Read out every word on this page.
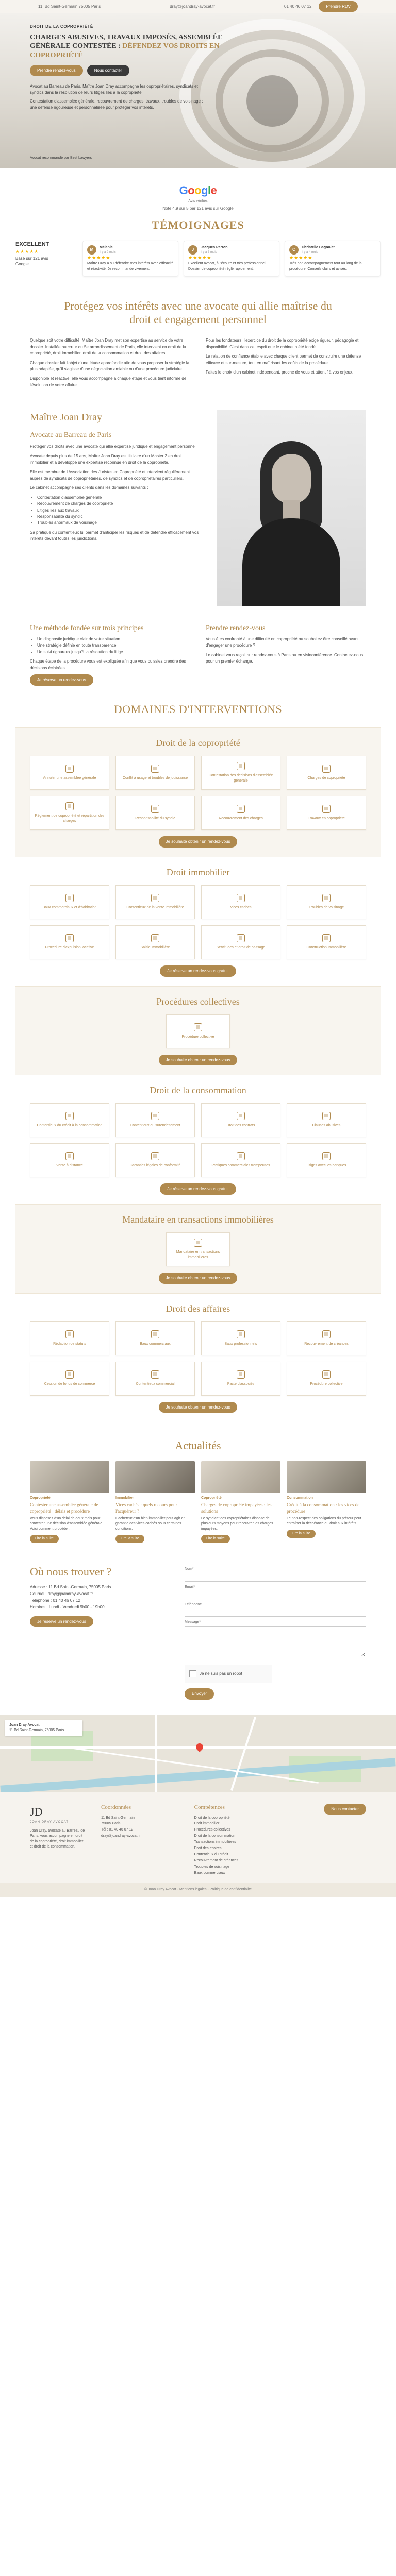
11, Bd Saint-Germain 75005 Paris	dray@joandray-avocat.fr	01 40 46 07 12	Prendre RDV
DROIT DE LA COPROPRIÉTÉ
CHARGES ABUSIVES, TRAVAUX IMPOSÉS, ASSEMBLÉE GÉNÉRALE CONTESTÉE : DÉFENDEZ VOS DROITS EN COPROPRIÉTÉ
Prendre rendez-vous	Nous contacter

Avocat au Barreau de Paris, Maître Joan Dray accompagne les copropriétaires, syndicats et syndics dans la résolution de leurs litiges liés à la copropriété.

Contestation d'assemblée générale, recouvrement de charges, travaux, troubles de voisinage : une défense rigoureuse et personnalisée pour protéger vos intérêts.

Avocat recommandé par Best Lawyers
Google
Avis vérifiés
Noté 4,9 sur 5 par 121 avis sur Google
TÉMOIGNAGES
EXCELLENT
★★★★★
Basé sur 121 avis
Google
M
Mélanie
il y a 2 mois
★★★★★
Maître Dray a su défendre mes intérêts avec efficacité et réactivité. Je recommande vivement.
J
Jacques Perron
il y a 3 mois
★★★★★
Excellent avocat, à l'écoute et très professionnel. Dossier de copropriété réglé rapidement.
C
Christelle Bagnolet
il y a 4 mois
★★★★★
Très bon accompagnement tout au long de la procédure. Conseils clairs et avisés.
Protégez vos intérêts avec une avocate qui allie maîtrise du droit et engagement personnel

Quelque soit votre difficulté, Maître Joan Dray met son expertise au service de votre dossier. Installée au cœur du 5e arrondissement de Paris, elle intervient en droit de la copropriété, droit immobilier, droit de la consommation et droit des affaires.

Chaque dossier fait l'objet d'une étude approfondie afin de vous proposer la stratégie la plus adaptée, qu'il s'agisse d'une négociation amiable ou d'une procédure judiciaire.

Disponible et réactive, elle vous accompagne à chaque étape et vous tient informé de l'évolution de votre affaire.

Pour les fondateurs, l'exercice du droit de la copropriété exige rigueur, pédagogie et disponibilité. C'est dans cet esprit que le cabinet a été fondé.

La relation de confiance établie avec chaque client permet de construire une défense efficace et sur-mesure, tout en maîtrisant les coûts de la procédure.

Faites le choix d'un cabinet indépendant, proche de vous et attentif à vos enjeux.

Maître Joan Dray
Avocate au Barreau de Paris

Protéger vos droits avec une avocate qui allie expertise juridique et engagement personnel.

Avocate depuis plus de 15 ans, Maître Joan Dray est titulaire d'un Master 2 en droit immobilier et a développé une expertise reconnue en droit de la copropriété.

Elle est membre de l'Association des Juristes en Copropriété et intervient régulièrement auprès de syndicats de copropriétaires, de syndics et de copropriétaires particuliers.

Le cabinet accompagne ses clients dans les domaines suivants :

• Contestation d'assemblée générale
• Recouvrement de charges de copropriété
• Litiges liés aux travaux
• Responsabilité du syndic
• Troubles anormaux de voisinage

Sa pratique du contentieux lui permet d'anticiper les risques et de défendre efficacement vos intérêts devant toutes les juridictions.

Une méthode fondée sur trois principes
• Un diagnostic juridique clair de votre situation
• Une stratégie définie en toute transparence
• Un suivi rigoureux jusqu'à la résolution du litige

Chaque étape de la procédure vous est expliquée afin que vous puissiez prendre des décisions éclairées.

Je réserve un rendez-vous

Prendre rendez-vous

Vous êtes confronté à une difficulté en copropriété ou souhaitez être conseillé avant d'engager une procédure ?

Le cabinet vous reçoit sur rendez-vous à Paris ou en visioconférence. Contactez-nous pour un premier échange.

DOMAINES D'INTERVENTIONS
Droit de la copropriété
Annuler une assemblée générale	Conflit à usage et troubles de jouissance
Contestation des décisions d'assemblée générale
Charges de copropriété
Règlement de copropriété et répartition des charges
Responsabilité du syndic	Recouvrement des charges	Travaux en copropriété
Je souhaite obtenir un rendez-vous
Droit immobilier
Baux commerciaux et d'habitation	Contentieux de la vente immobilière	Vices cachés	Troubles de voisinage
Procédure d'expulsion locative	Saisie immobilière	Servitudes et droit de passage	Construction immobilière
Je réserve un rendez-vous gratuit
Procédures collectives
Procédure collective
Je souhaite obtenir un rendez-vous
Droit de la consommation
Contentieux du crédit à la consommation	Contentieux du surendettement	Droit des contrats	Clauses abusives
Vente à distance	Garanties légales de conformité	Pratiques commerciales trompeuses	Litiges avec les banques
Je réserve un rendez-vous gratuit
Mandataire en transactions immobilières
Mandataire en transactions immobilières
Je souhaite obtenir un rendez-vous
Droit des affaires
Rédaction de statuts	Baux commerciaux	Baux professionnels	Recouvrement de créances
Cession de fonds de commerce	Contentieux commercial	Pacte d'associés	Procédure collective
Je souhaite obtenir un rendez-vous
Actualités
Copropriété
Contester une assemblée générale de copropriété : délais et procédure
Vous disposez d'un délai de deux mois pour contester une décision d'assemblée générale. Voici comment procéder.
Lire la suite
Immobilier
Vices cachés : quels recours pour l'acquéreur ?
L'acheteur d'un bien immobilier peut agir en garantie des vices cachés sous certaines conditions.
Lire la suite
Copropriété
Charges de copropriété impayées : les solutions
Le syndicat des copropriétaires dispose de plusieurs moyens pour recouvrer les charges impayées.
Lire la suite
Consommation
Crédit à la consommation : les vices de procédure
Le non-respect des obligations du prêteur peut entraîner la déchéance du droit aux intérêts.
Lire la suite
Où nous trouver ?
Adresse : 11 Bd Saint-Germain, 75005 Paris
Courriel : dray@joandray-avocat.fr
Téléphone : 01 40 46 07 12
Horaires : Lundi - Vendredi 9h00 - 19h00

Je réserve un rendez-vous

Nom*
Email*
Téléphone
Message*
Je ne suis pas un robot

Envoyer

Joan Dray Avocat
11 Bd Saint-Germain, 75005 Paris
JD
JOAN DRAY AVOCAT

Joan Dray, avocate au Barreau de Paris, vous accompagne en droit de la copropriété, droit immobilier et droit de la consommation.

Coordonnées
11 Bd Saint-Germain
75005 Paris
Tél : 01 40 46 07 12
dray@joandray-avocat.fr
Compétences
Droit de la copropriété
Droit immobilier
Procédures collectives
Droit de la consommation
Transactions immobilières
Droit des affaires
Contentieux du crédit
Recouvrement de créances
Troubles de voisinage
Baux commerciaux
Nous contacter
© Joan Dray Avocat - Mentions légales - Politique de confidentialité
